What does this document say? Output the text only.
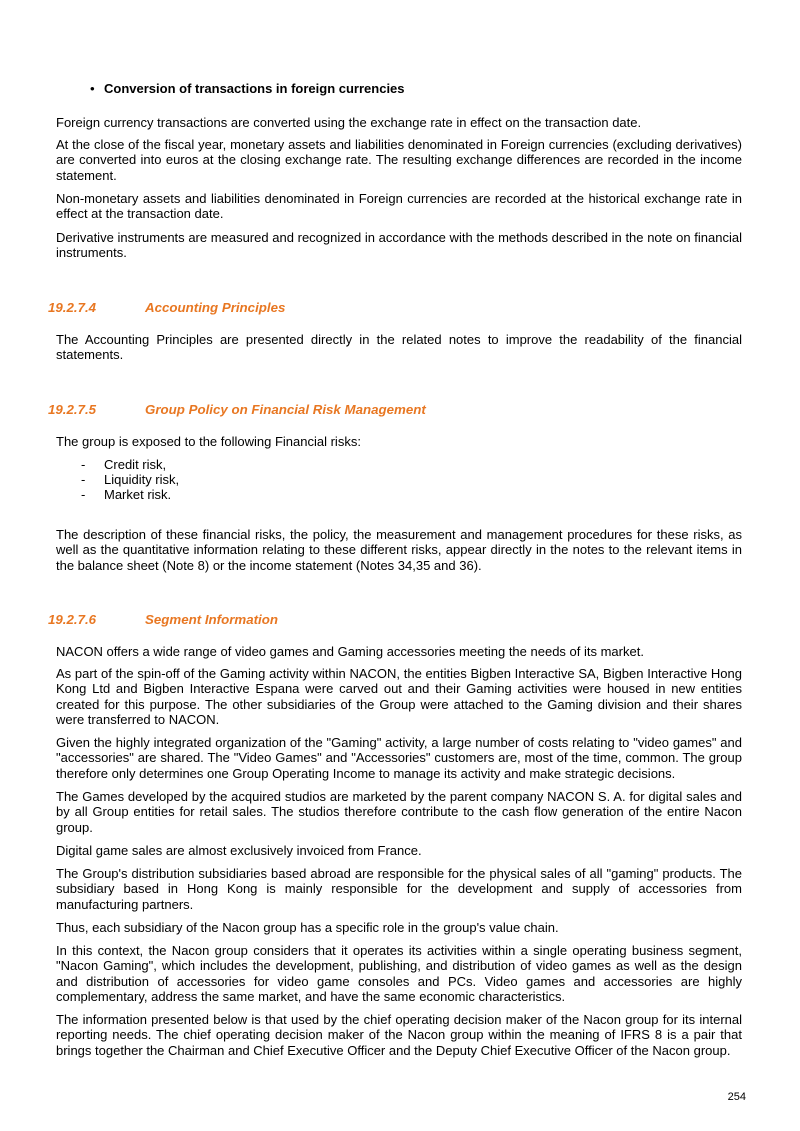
• Conversion of transactions in foreign currencies

Foreign currency transactions are converted using the exchange rate in effect on the transaction date.

At the close of the fiscal year, monetary assets and liabilities denominated in Foreign currencies (excluding derivatives) are converted into euros at the closing exchange rate. The resulting exchange differences are recorded in the income statement.

Non-monetary assets and liabilities denominated in Foreign currencies are recorded at the historical exchange rate in effect at the transaction date.

Derivative instruments are measured and recognized in accordance with the methods described in the note on financial instruments.

19.2.7.4	Accounting Principles

The Accounting Principles are presented directly in the related notes to improve the readability of the financial statements.

19.2.7.5	Group Policy on Financial Risk Management

The group is exposed to the following Financial risks:

- Credit risk,
- Liquidity risk,
- Market risk.

The description of these financial risks, the policy, the measurement and management procedures for these risks, as well as the quantitative information relating to these different risks, appear directly in the notes to the relevant items in the balance sheet (Note 8) or the income statement (Notes 34,35 and 36).

19.2.7.6	Segment Information

NACON offers a wide range of video games and Gaming accessories meeting the needs of its market.

As part of the spin-off of the Gaming activity within NACON, the entities Bigben Interactive SA, Bigben Interactive Hong Kong Ltd and Bigben Interactive Espana were carved out and their Gaming activities were housed in new entities created for this purpose. The other subsidiaries of the Group were attached to the Gaming division and their shares were transferred to NACON.

Given the highly integrated organization of the "Gaming" activity, a large number of costs relating to "video games" and "accessories" are shared. The "Video Games" and "Accessories" customers are, most of the time, common. The group therefore only determines one Group Operating Income to manage its activity and make strategic decisions.

The Games developed by the acquired studios are marketed by the parent company NACON S. A. for digital sales and by all Group entities for retail sales. The studios therefore contribute to the cash flow generation of the entire Nacon group.

Digital game sales are almost exclusively invoiced from France.

The Group's distribution subsidiaries based abroad are responsible for the physical sales of all "gaming" products. The subsidiary based in Hong Kong is mainly responsible for the development and supply of accessories from manufacturing partners.

Thus, each subsidiary of the Nacon group has a specific role in the group's value chain.

In this context, the Nacon group considers that it operates its activities within a single operating business segment, "Nacon Gaming", which includes the development, publishing, and distribution of video games as well as the design and distribution of accessories for video game consoles and PCs. Video games and accessories are highly complementary, address the same market, and have the same economic characteristics.

The information presented below is that used by the chief operating decision maker of the Nacon group for its internal reporting needs. The chief operating decision maker of the Nacon group within the meaning of IFRS 8 is a pair that brings together the Chairman and Chief Executive Officer and the Deputy Chief Executive Officer of the Nacon group.

254
